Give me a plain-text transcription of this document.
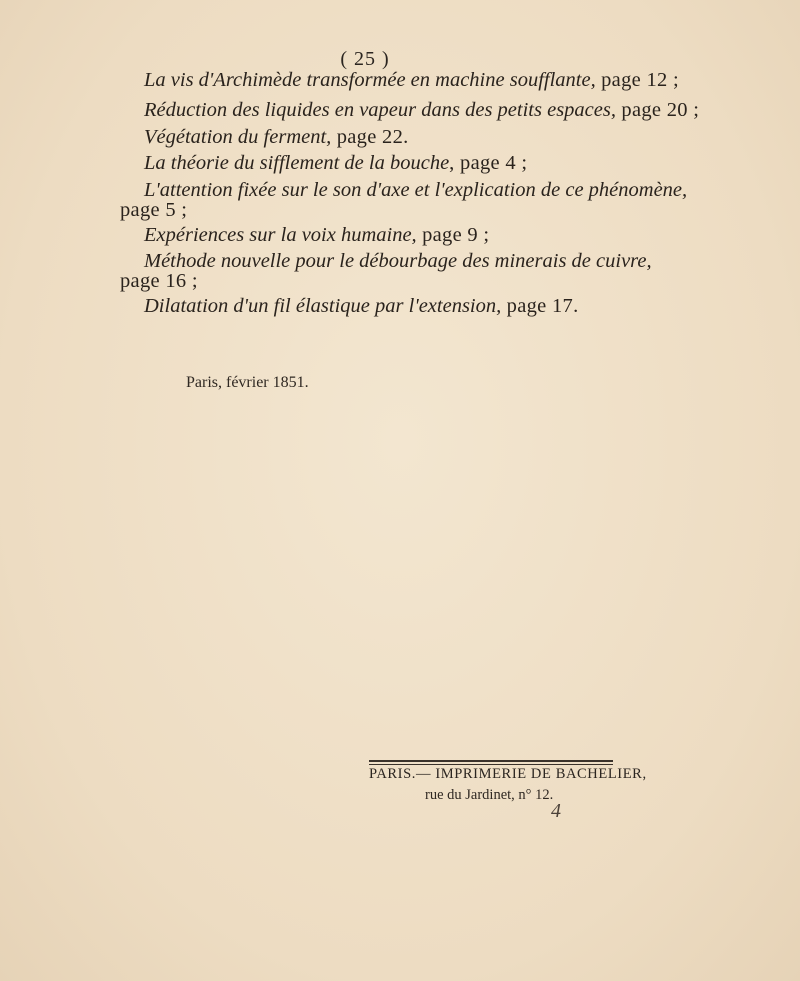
( 25 )
La vis d'Archimède transformée en machine soufflante, page 12 ;
Réduction des liquides en vapeur dans des petits espaces, page 20 ;
Végétation du ferment, page 22.
La théorie du sifflement de la bouche, page 4 ;
L'attention fixée sur le son d'axe et l'explication de ce phénomène,
page 5 ;
Expériences sur la voix humaine, page 9 ;
Méthode nouvelle pour le débourbage des minerais de cuivre,
page 16 ;
Dilatation d'un fil élastique par l'extension, page 17.
Paris, février 1851.
PARIS.— IMPRIMERIE DE BACHELIER,
rue du Jardinet, n° 12.
4
